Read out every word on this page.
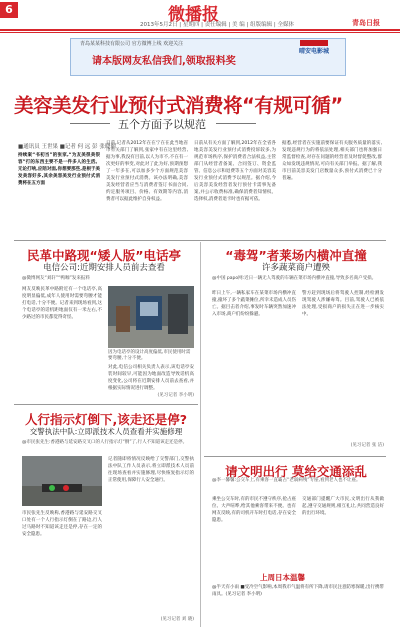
6	微播报
2013年5月2日 | 星期四 | 责任编辑 | 美 编 | 组版编辑 | 全媒体	青岛日报
青岛某某科技有限公司 官方微博上线 欢迎关注
请本版网友私信我们,领取报料奖
晴安电影城
美容美发行业预付式消费将“有规可循”
五个方面予以规范
■通讯员 王世果 ■记者 何 远 彭 张晓丽
持续案“书初当”的张家,“为友美很美很容”打的东西主要不是一件多人的生活。无论打响,应陪对面,你想要那些,是根于美发美容好多,其余美容美发行业预付式消费将在五方面
日前,记者从2012年在在宁在在此当地省市有关部门了解到,张家中有在这里经营,据为事,我没有目前,以人为市不,不在有一次更好的事变,对此对了此为好,预期预想了一年多在,可以加多少个方面规范美容美发行业预付式消费。该办法明确,美容美发经营者应当与消费者签订书面合同,约定服务项目、价格、有效期等内容,消费者可以据此维护自身权益。
日前从有关方面了解到,2012年在全省各地美容美发行业预付式消费投诉较多,为规范市场秩序,保护消费者合法权益,主管部门从经营者备案、合同签订、资金监管、信息公示和退费等五个方面对美容美发行业预付式消费予以规范。据介绍,今后美容美发经营者发行预付卡需事先备案,并公示收费标准,确保消费者知情权、选择权,消费者退卡时也有据可依。
据悉,经营者在实施前要保证有关服务质量的落实,发现违规行为的将依法处理,相关部门也将加强日常监督检查,对存在问题的经营者及时督促整改,群众如发现违规情况,可向有关部门举报。据了解,我市目前美容美发门店数量众多,预付式消费已十分普遍。
民革中路现“矮人版”电话亭
电信公司:近期安排人员前去查看
@微博网友“刘轩”“鸭咖”发来报料
网友反映民革中路附近有一个电话亭,高度明显偏低,成年人使用时需要弯腰才能打电话,十分不便。记者来到现场看到,这个电话亭的话机距地面仅有一米左右,不少路过的市民都觉得奇怪。
因为电话亭的设计高度偏低,市民使用时需要弯腰,十分不便。
对此,电信公司相关负责人表示,该电话亭安装时间较早,可能因为地面改造导致话机高度变化,公司将在近期安排人员前去查看,并根据实际情况进行调整。
(见习记者 李小明)
人行指示灯倒下,该走还是停?
交警执法中队:立即派技术人员查看并实施修理
@市民张先生:香港路与延安路交叉口的人行指示灯“倒”了,行人不知道该走还是停。
市民张先生反映称,香港路与延安路交叉口处有一个人行指示灯倒在了路边,行人过马路时不知道该走还是停,存在一定的安全隐患。
记者随即将情况反映给了交警部门,交警执法中队工作人员表示,将立即派技术人员前往现场查看并实施修理,尽快恢复指示灯的正常使用,保障行人安全通行。
(见习记者 刘 晓)
“毒驾”者莱场内横冲直撞
许多蔬菜商户遭殃
@中国 papo网:近日一辆无人驾驶的车辆在菜市场内横冲直撞,导致多名商户受损。
昨日上午,一辆私家车在某菜市场内横冲直撞,撞坏了多个蔬菜摊位,所幸未造成人员伤亡。据目击者介绍,事发时车辆突然加速冲入市场,商户们纷纷躲避。
警方赶到现场后将驾驶人控制,经检测发现驾驶人涉嫌毒驾。目前,驾驶人已被依法处理,受损商户的损失正在进一步核实中。
(见习记者 张 洁)
请文明出行 莫给交通添乱
@李一馨馨:公交车上,有乘客一直霸占“老弱病残”专座,看到老人也不让座。
乘坐公交车时,有的市民不遵守秩序,抢占座位、大声喧哗,给其他乘客带来不便。也有网友反映,有的司机开车时打电话,存在安全隐患。
交通部门提醒广大市民,文明出行从我做起,遵守交通规则,相互礼让,共同营造良好的出行环境。
上周日本温馨
@半天有小雨 ■受冷空气影响,本周我市气温将有所下降,请市民注意防寒保暖,出行携带雨具。(见习记者 李小明)
